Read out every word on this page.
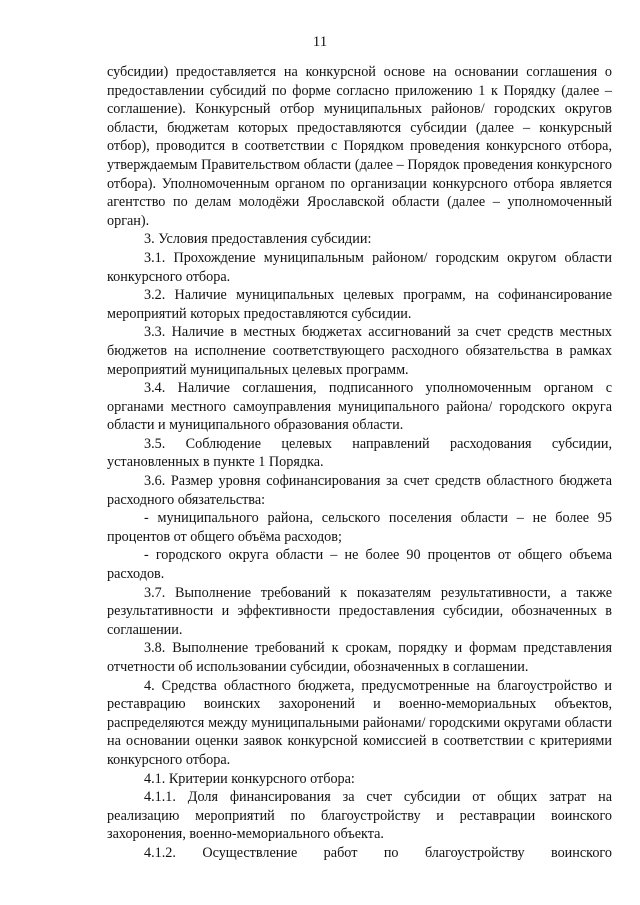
11

субсидии) предоставляется на конкурсной основе на основании соглашения о предоставлении субсидий по форме согласно приложению 1 к Порядку (далее – соглашение). Конкурсный отбор муниципальных районов/ городских округов области, бюджетам которых предоставляются субсидии (далее – конкурсный отбор), проводится в соответствии с Порядком проведения конкурсного отбора, утверждаемым Правительством области (далее – Порядок проведения конкурсного отбора). Уполномоченным органом по организации конкурсного отбора является агентство по делам молодёжи Ярославской области (далее – уполномоченный орган).

3. Условия предоставления субсидии:

3.1. Прохождение муниципальным районом/ городским округом области конкурсного отбора.

3.2. Наличие муниципальных целевых программ, на софинансирование мероприятий которых предоставляются субсидии.

3.3. Наличие в местных бюджетах ассигнований за счет средств местных бюджетов на исполнение соответствующего расходного обязательства в рамках мероприятий муниципальных целевых программ.

3.4. Наличие соглашения, подписанного уполномоченным органом с органами местного самоуправления муниципального района/ городского округа области и муниципального образования области.

3.5. Соблюдение целевых направлений расходования субсидии, установленных в пункте 1 Порядка.

3.6. Размер уровня софинансирования за счет средств областного бюджета расходного обязательства:

- муниципального района, сельского поселения области – не более 95 процентов от общего объёма расходов;

- городского округа области – не более 90 процентов от общего объема расходов.

3.7. Выполнение требований к показателям результативности, а также результативности и эффективности предоставления субсидии, обозначенных в соглашении.

3.8. Выполнение требований к срокам, порядку и формам представления отчетности об использовании субсидии, обозначенных в соглашении.

4. Средства областного бюджета, предусмотренные на благоустройство и реставрацию воинских захоронений и военно-мемориальных объектов, распределяются между муниципальными районами/ городскими округами области на основании оценки заявок конкурсной комиссией в соответствии с критериями конкурсного отбора.

4.1. Критерии конкурсного отбора:

4.1.1. Доля финансирования за счет субсидии от общих затрат на реализацию мероприятий по благоустройству и реставрации воинского захоронения, военно-мемориального объекта.

4.1.2. Осуществление работ по благоустройству воинского
